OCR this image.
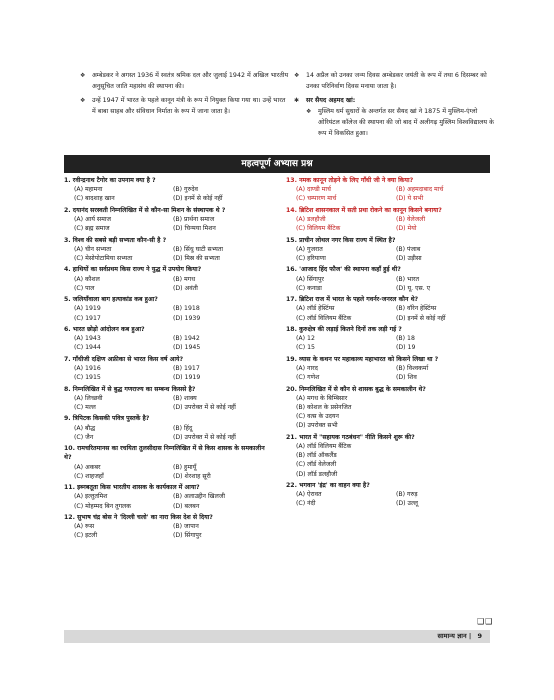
❖ अम्बेडकर ने अगस्त 1936 में स्वतंत्र श्रमिक दल और जुलाई 1942 में अखिल भारतीय अनुसूचित जाति महासंघ की स्थापना की।
❖ उन्हें 1947 में भारत के पहले कानून मंत्री के रूप में नियुक्त किया गया था। उन्हें भारत में बाबा साहब और संविधान निर्माता के रूप में जाना जाता है।
❖ 14 अप्रैल को उनका जन्म दिवस अम्बेडकर जयंती के रूप में तथा 6 दिसम्बर को उनका परिनिर्वाण दिवस मनाया जाता है।
✱ सर सैयद अहमद खां:
❖ मुस्लिम धर्म सुधारों के अन्तर्गत सर सैयद खां ने 1875 में मुस्लिम-एंग्लो ओरियंटल कॉलेज की स्थापना की जो बाद में अलीगढ़ मुस्लिम विश्वविद्यालय के रूप में विकसित हुआ।
महत्वपूर्ण अभ्यास प्रश्न
1. रवीन्द्रनाथ टैगोर का उपनाम क्या है ?
(A) महामना	(B) गुरुदेव
(C) बादशाह खान	(D) इनमें से कोई नहीं
2. दयानंद सरस्वती निम्नलिखित में से कौन-सा मिशन के संस्थापक थे ?
(A) आर्य समाज	(B) प्रार्थना समाज
(C) ब्रह्म समाज	(D) चिन्मया मिशन
3. विश्व की सबसे बड़ी सभ्यता कौन-सी है ?
(A) चीन सभ्यता	(B) सिंधु घाटी सभ्यता
(C) मेसोपोटामिया सभ्यता	(D) मिस्र की सभ्यता
4. हाथियों का सर्वप्रथम किस राज्य ने युद्ध में उपयोग किया?
(A) कौशल	(B) मगध
(C) पाल	(D) अवंती
5. जलियाँवाला बाग हत्याकांड कब हुआ?
(A) 1919	(B) 1918
(C) 1917	(D) 1939
6. भारत छोड़ो आंदोलन कब हुआ?
(A) 1943	(B) 1942
(C) 1944	(D) 1945
7. गाँधीजी दक्षिण अफ्रीका से भारत किस वर्ष आये?
(A) 1916	(B) 1917
(C) 1915	(D) 1919
8. निम्नलिखित में से बुद्ध गणराज्य का सम्बन्ध किससे है?
(A) लिच्छवी	(B) शाक्य
(C) मल्ल	(D) उपरोक्त में से कोई नहीं
9. त्रिपिटक किसकी पवित्र पुस्तकें है?
(A) बौद्ध	(B) हिंदू
(C) जैन	(D) उपरोक्त में से कोई नहीं
10. रामचरितमानस का रचयिता तुलसीदास निम्नलिखित में से किस शासक के समकालीन थे?
(A) अकबर	(B) हुमायूँ
(C) शाहजहाँ	(D) शेरशाह सूरी
11. इब्नबतूता किस भारतीय शासक के कार्यकाल में आया?
(A) इल्तुतमिश	(B) अलाउद्दीन खिलजी
(C) मोहम्मद बिन तुगलक	(D) बलबन
12. सुभाष चंद्र बोस ने 'दिल्ली चलो' का नारा किस देश से दिया?
(A) रूस	(B) जापान
(C) इटली	(D) सिंगापुर
13. नमक कानून तोड़ने के लिए गाँधी जी ने क्या किया?
(A) दाण्डी मार्च	(B) अहमदाबाद मार्च
(C) चम्पारण मार्च	(D) ये सभी
14. ब्रिटिश शासनकाल में सती प्रथा रोकने का कानून किसने बनाया?
(A) डलहौजी	(B) वेलेजली
(C) विलियम बैंटिक	(D) मेयो
15. प्राचीन लोथल नगर किस राज्य में स्थित है?
(A) गुजरात	(B) पंजाब
(C) हरियाणा	(D) उड़ीसा
16. 'आजाद हिंद फौज' की स्थापना कहाँ हुई थी?
(A) सिंगापुर	(B) भारत
(C) कनाडा	(D) यू. एस. ए
17. ब्रिटिश राज में भारत के पहले गवर्नर-जनरल कौन थे?
(A) लॉर्ड हेस्टिंग्स	(B) वॉरेन हेस्टिंग्स
(C) लॉर्ड विलियम बैंटिक	(D) इनमें से कोई नहीं
18. कुरुक्षेत्र की लड़ाई कितने दिनों तक लड़ी गई ?
(A) 12	(B) 18
(C) 15	(D) 19
19. व्यास के कथन पर महाकाव्य महाभारत को किसने लिखा था ?
(A) नारद	(B) विश्वकर्मा
(C) गणेश	(D) शिव
20. निम्नलिखित में से कौन से शासक बुद्ध के समकालीन थे?
(A) मगध के बिम्बिसार
(B) कोशल के प्रसेनजित
(C) वत्स के उदयन
(D) उपरोक्त सभी
21. भारत में "सहायक गठबंधन" नीति किसने शुरू की?
(A) लॉर्ड विलियम बैंटिक
(B) लॉर्ड ऑकलैंड
(C) लॉर्ड वेलेजली
(D) लॉर्ड डलहौजी
22. भगवान 'इंद्र' का वाहन क्या है?
(A) ऐरावत	(B) गरुड़
(C) नंदी	(D) उल्लू
❑❑
सामान्य ज्ञान | 9
